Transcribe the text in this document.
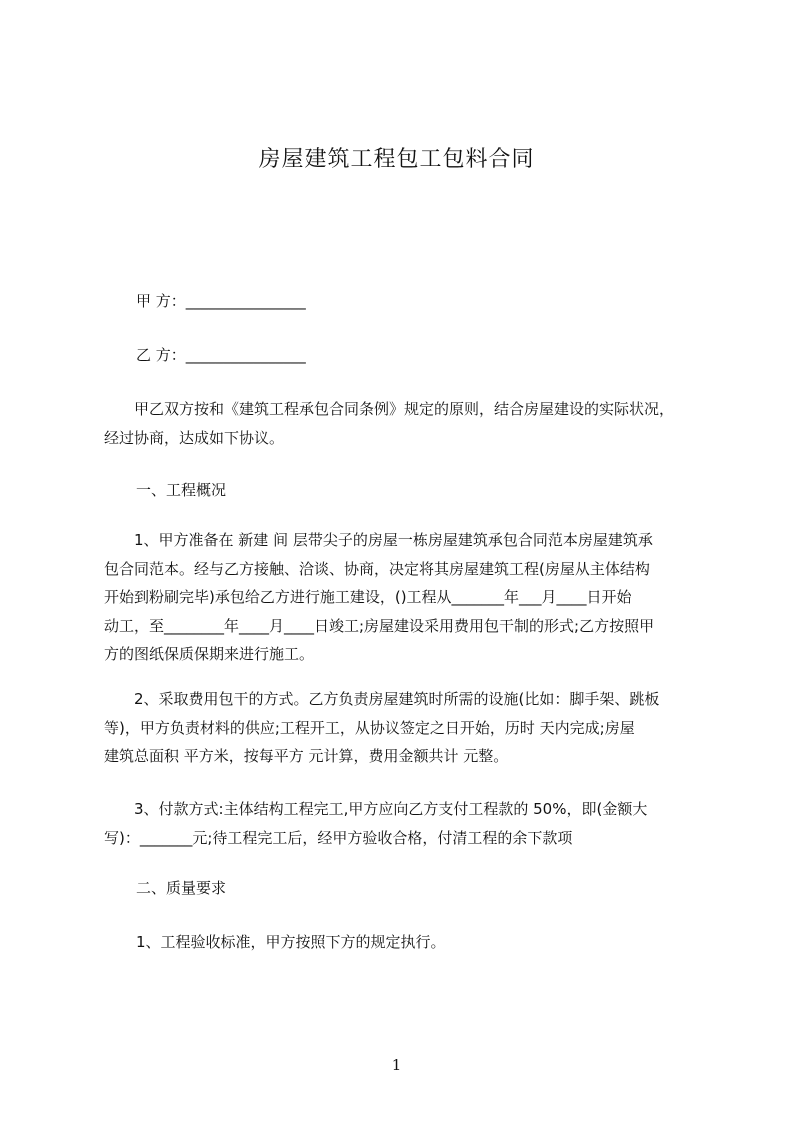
房屋建筑工程包工包料合同
甲 方：________________
乙 方：________________
甲乙双方按和《建筑工程承包合同条例》规定的原则，结合房屋建设的实际状况，
经过协商，达成如下协议。
一、工程概况
1、甲方准备在 新建 间 层带尖子的房屋一栋房屋建筑承包合同范本房屋建筑承
包合同范本。经与乙方接触、洽谈、协商，决定将其房屋建筑工程(房屋从主体结构
开始到粉刷完毕)承包给乙方进行施工建设，()工程从_______年___月____日开始
动工，至________年____月____日竣工;房屋建设采用费用包干制的形式;乙方按照甲
方的图纸保质保期来进行施工。
2、采取费用包干的方式。乙方负责房屋建筑时所需的设施(比如：脚手架、跳板
等)，甲方负责材料的供应;工程开工，从协议签定之日开始，历时 天内完成;房屋
建筑总面积 平方米，按每平方 元计算，费用金额共计 元整。
3、付款方式:主体结构工程完工,甲方应向乙方支付工程款的 50%，即(金额大
写)：_______元;待工程完工后，经甲方验收合格，付清工程的余下款项
二、质量要求
1、工程验收标准，甲方按照下方的规定执行。
1
